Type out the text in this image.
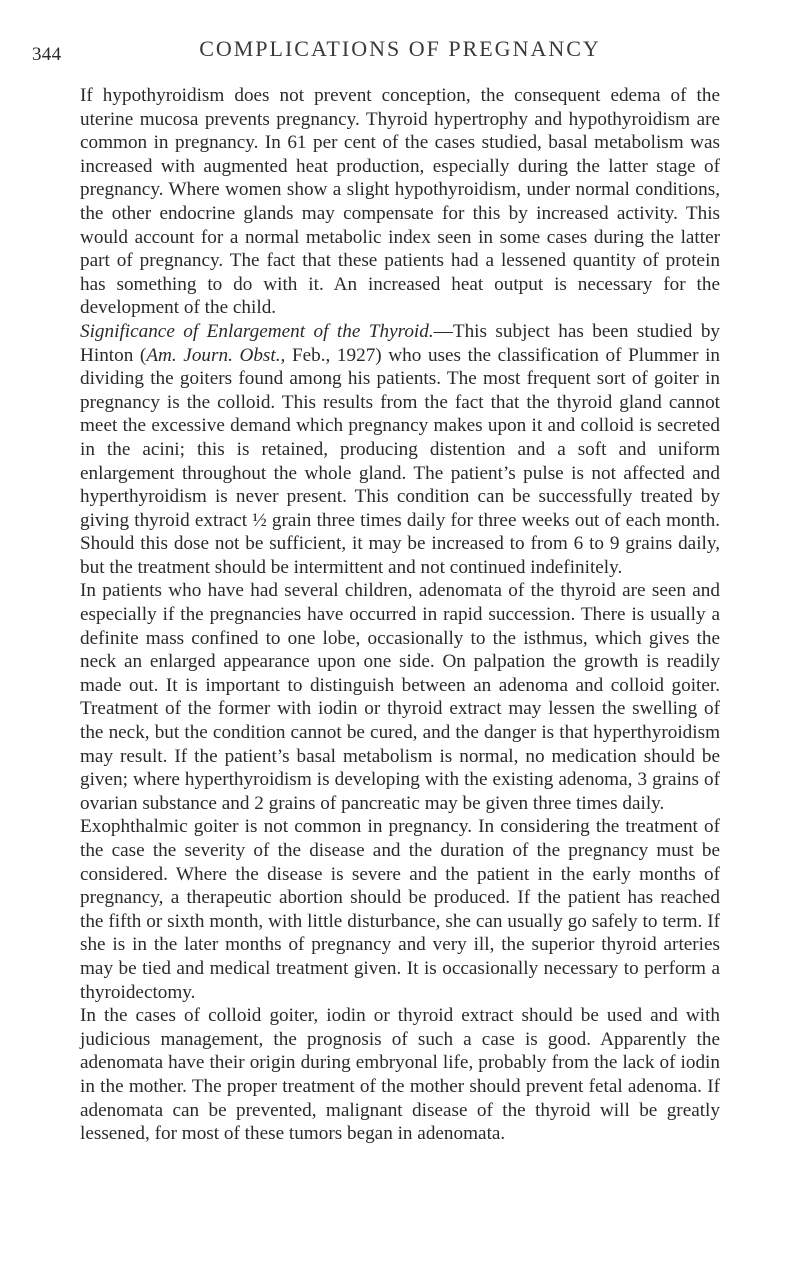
344	COMPLICATIONS OF PREGNANCY

If hypothyroidism does not prevent conception, the consequent edema of the uterine mucosa prevents pregnancy. Thyroid hypertrophy and hypothyroidism are common in pregnancy. In 61 per cent of the cases studied, basal metabolism was increased with augmented heat production, especially during the latter stage of pregnancy. Where women show a slight hypothyroidism, under normal conditions, the other endocrine glands may compensate for this by increased activity. This would account for a normal metabolic index seen in some cases during the latter part of pregnancy. The fact that these patients had a lessened quantity of protein has something to do with it. An increased heat output is necessary for the development of the child.

Significance of Enlargement of the Thyroid.—This subject has been studied by Hinton (Am. Journ. Obst., Feb., 1927) who uses the classification of Plummer in dividing the goiters found among his patients. The most frequent sort of goiter in pregnancy is the colloid. This results from the fact that the thyroid gland cannot meet the excessive demand which pregnancy makes upon it and colloid is secreted in the acini; this is retained, producing distention and a soft and uniform enlargement throughout the whole gland. The patient’s pulse is not affected and hyperthyroidism is never present. This condition can be successfully treated by giving thyroid extract ½ grain three times daily for three weeks out of each month. Should this dose not be sufficient, it may be increased to from 6 to 9 grains daily, but the treatment should be intermittent and not continued indefinitely.

In patients who have had several children, adenomata of the thyroid are seen and especially if the pregnancies have occurred in rapid succession. There is usually a definite mass confined to one lobe, occasionally to the isthmus, which gives the neck an enlarged appearance upon one side. On palpation the growth is readily made out. It is important to distinguish between an adenoma and colloid goiter. Treatment of the former with iodin or thyroid extract may lessen the swelling of the neck, but the condition cannot be cured, and the danger is that hyperthyroidism may result. If the patient’s basal metabolism is normal, no medication should be given; where hyperthyroidism is developing with the existing adenoma, 3 grains of ovarian substance and 2 grains of pancreatic may be given three times daily.

Exophthalmic goiter is not common in pregnancy. In considering the treatment of the case the severity of the disease and the duration of the pregnancy must be considered. Where the disease is severe and the patient in the early months of pregnancy, a therapeutic abortion should be produced. If the patient has reached the fifth or sixth month, with little disturbance, she can usually go safely to term. If she is in the later months of pregnancy and very ill, the superior thyroid arteries may be tied and medical treatment given. It is occasionally necessary to perform a thyroidectomy.

In the cases of colloid goiter, iodin or thyroid extract should be used and with judicious management, the prognosis of such a case is good. Apparently the adenomata have their origin during embryonal life, probably from the lack of iodin in the mother. The proper treatment of the mother should prevent fetal adenoma. If adenomata can be prevented, malignant disease of the thyroid will be greatly lessened, for most of these tumors began in adenomata.
